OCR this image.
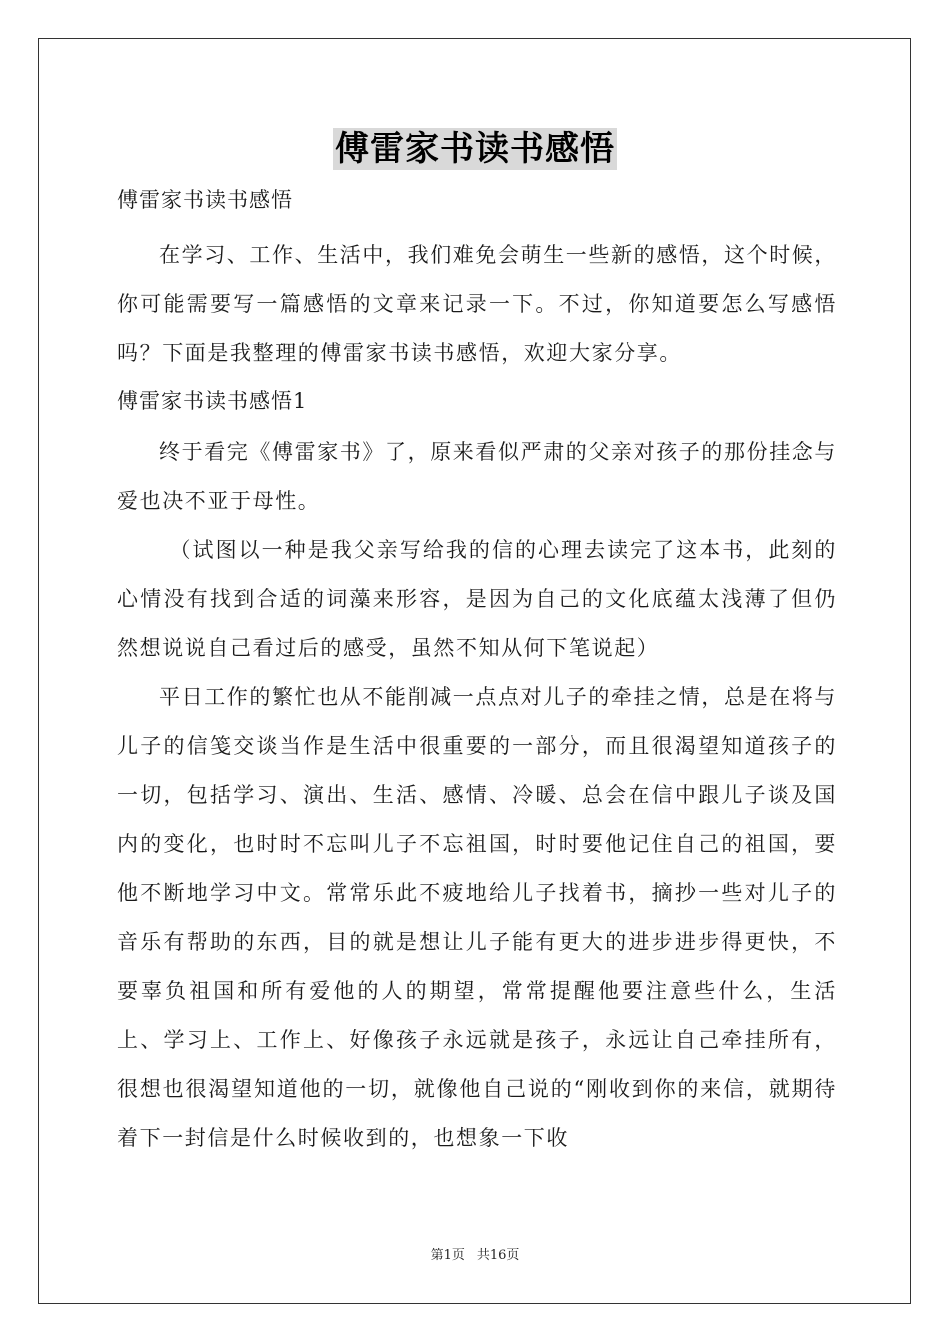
傅雷家书读书感悟

傅雷家书读书感悟

在学习、工作、生活中，我们难免会萌生一些新的感悟，这个时候，你可能需要写一篇感悟的文章来记录一下。不过，你知道要怎么写感悟吗？下面是我整理的傅雷家书读书感悟，欢迎大家分享。

傅雷家书读书感悟1

终于看完《傅雷家书》了，原来看似严肃的父亲对孩子的那份挂念与爱也决不亚于母性。

（试图以一种是我父亲写给我的信的心理去读完了这本书，此刻的心情没有找到合适的词藻来形容，是因为自己的文化底蕴太浅薄了但仍然想说说自己看过后的感受，虽然不知从何下笔说起）

平日工作的繁忙也从不能削减一点点对儿子的牵挂之情，总是在将与儿子的信笺交谈当作是生活中很重要的一部分，而且很渴望知道孩子的一切，包括学习、演出、生活、感情、冷暖、总会在信中跟儿子谈及国内的变化，也时时不忘叫儿子不忘祖国，时时要他记住自己的祖国，要他不断地学习中文。常常乐此不疲地给儿子找着书，摘抄一些对儿子的音乐有帮助的东西，目的就是想让儿子能有更大的进步进步得更快，不要辜负祖国和所有爱他的人的期望，常常提醒他要注意些什么，生活上、学习上、工作上、好像孩子永远就是孩子，永远让自己牵挂所有，很想也很渴望知道他的一切，就像他自己说的“刚收到你的来信，就期待着下一封信是什么时候收到的，也想象一下收

第1页 共16页
